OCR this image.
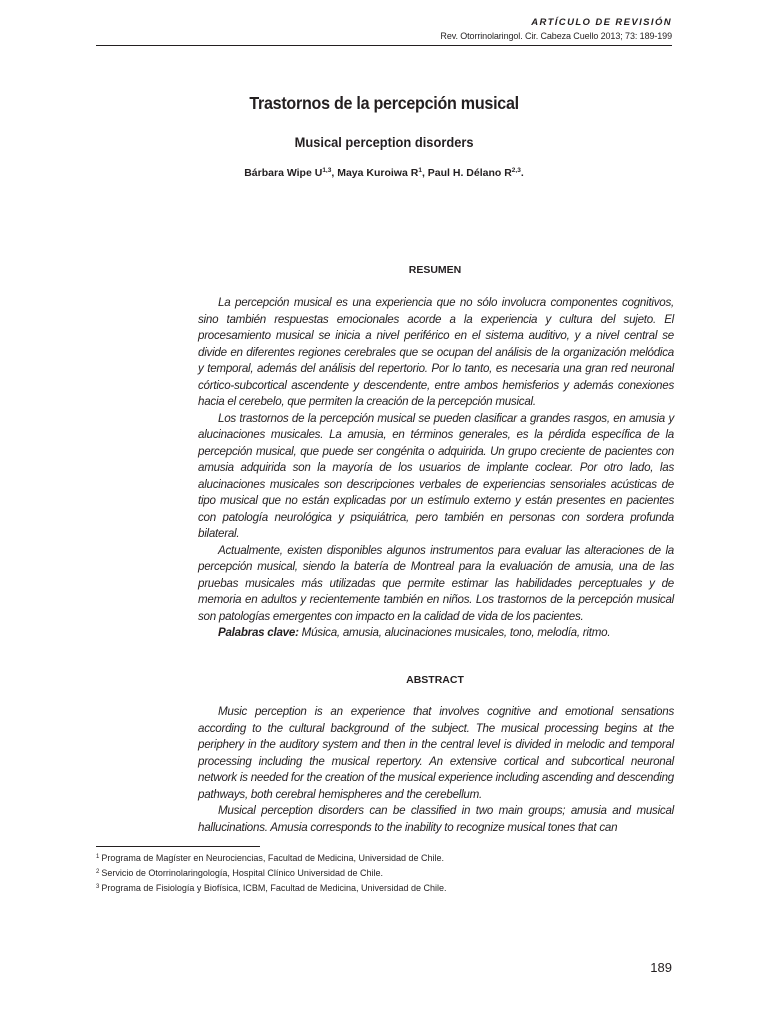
ARTÍCULO DE REVISIÓN
Rev. Otorrinolaringol. Cir. Cabeza Cuello 2013; 73: 189-199
Trastornos de la percepción musical
Musical perception disorders
Bárbara Wipe U$^{1,3}$, Maya Kuroiwa $R^1$, Paul H. Délano R$^{2,3}$.
RESUMEN

La percepción musical es una experiencia que no sólo involucra componentes cognitivos, sino también respuestas emocionales acorde a la experiencia y cultura del sujeto. El procesamiento musical se inicia a nivel periférico en el sistema auditivo, y a nivel central se divide en diferentes regiones cerebrales que se ocupan del análisis de la organización melódica y temporal, además del análisis del repertorio. Por lo tanto, es necesaria una gran red neuronal córtico-subcortical ascendente y descendente, entre ambos hemisferios y además conexiones hacia el cerebelo, que permiten la creación de la percepción musical.

Los trastornos de la percepción musical se pueden clasificar a grandes rasgos, en amusia y alucinaciones musicales. La amusia, en términos generales, es la pérdida específica de la percepción musical, que puede ser congénita o adquirida. Un grupo creciente de pacientes con amusia adquirida son la mayoría de los usuarios de implante coclear. Por otro lado, las alucinaciones musicales son descripciones verbales de experiencias sensoriales acústicas de tipo musical que no están explicadas por un estímulo externo y están presentes en pacientes con patología neurológica y psiquiátrica, pero también en personas con sordera profunda bilateral.

Actualmente, existen disponibles algunos instrumentos para evaluar las alteraciones de la percepción musical, siendo la batería de Montreal para la evaluación de amusia, una de las pruebas musicales más utilizadas que permite estimar las habilidades perceptuales y de memoria en adultos y recientemente también en niños. Los trastornos de la percepción musical son patologías emergentes con impacto en la calidad de vida de los pacientes.

Palabras clave: Música, amusia, alucinaciones musicales, tono, melodía, ritmo.

ABSTRACT

Music perception is an experience that involves cognitive and emotional sensations according to the cultural background of the subject. The musical processing begins at the periphery in the auditory system and then in the central level is divided in melodic and temporal processing including the musical repertory. An extensive cortical and subcortical neuronal network is needed for the creation of the musical experience including ascending and descending pathways, both cerebral hemispheres and the cerebellum.

Musical perception disorders can be classified in two main groups; amusia and musical hallucinations. Amusia corresponds to the inability to recognize musical tones that can

$^1$ Programa de Magíster en Neurociencias, Facultad de Medicina, Universidad de Chile.
$^2$ Servicio de Otorrinolaringología, Hospital Clínico Universidad de Chile.
$^3$ Programa de Fisiología y Biofísica, ICBM, Facultad de Medicina, Universidad de Chile.
189
